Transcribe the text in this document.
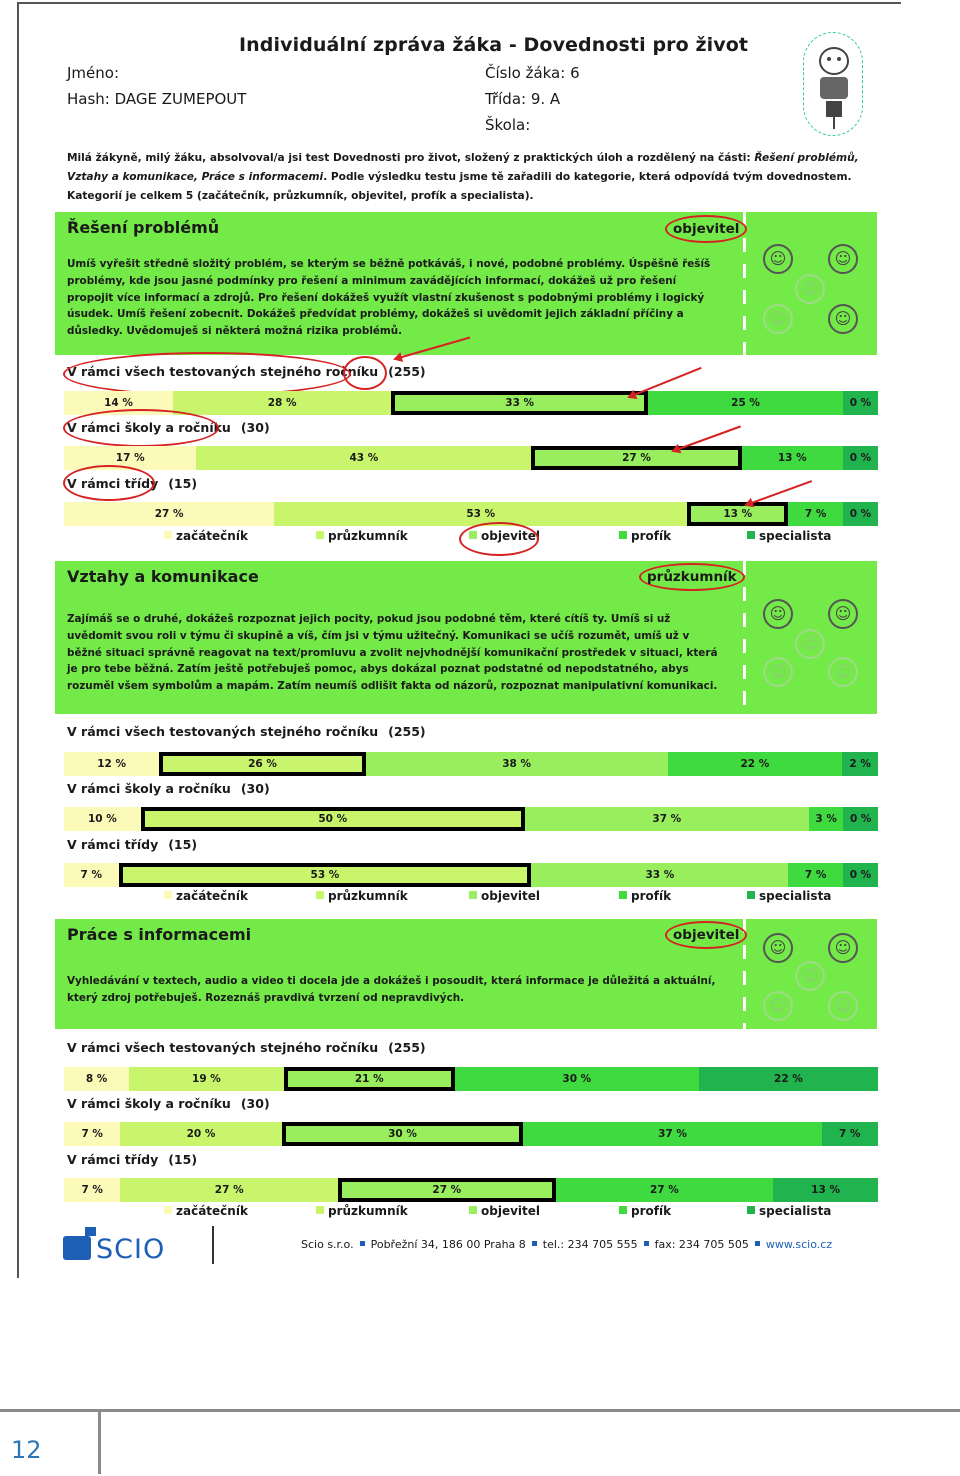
Individuální zpráva žáka - Dovednosti pro život
Jméno:
Hash: DAGE ZUMEPOUT
Číslo žáka: 6
Třída: 9. A
Škola:
Milá žákyně, milý žáku, absolvoval/a jsi test Dovednosti pro život, složený z praktických úloh a rozdělený na části: Řešení problémů, Vztahy a komunikace, Práce s informacemi. Podle výsledku testu jsme tě zařadili do kategorie, která odpovídá tvým dovednostem.
Kategorií je celkem 5 (začátečník, průzkumník, objevitel, profík a specialista).
Řešení problémů	objevitel
Umíš vyřešit středně složitý problém, se kterým se běžně potkáváš, i nové, podobné problémy. Úspěšně řešíš problémy, kde jsou jasné podmínky pro řešení a minimum zavádějících informací, dokážeš už pro řešení propojit více informací a zdrojů. Pro řešení dokážeš využít vlastní zkušenost s podobnými problémy i logický úsudek. Umíš řešení zobecnit. Dokážeš předvídat problémy, dokážeš si uvědomit jejich základní příčiny a důsledky. Uvědomuješ si některá možná rizika problémů.
☺	☺
☺
☺	☺
V rámci všech testovaných stejného ročníku (255)
14 %	28 %	33 %	25 %	0 %
V rámci školy a ročníku (30)
17 %	43 %	27 %	13 %	0 %
V rámci třídy (15)
27 %	53 %	13 %	7 %	0 %
začátečník	průzkumník	objevitel	profík	specialista
Vztahy a komunikace	průzkumník
Zajímáš se o druhé, dokážeš rozpoznat jejich pocity, pokud jsou podobné těm, které cítíš ty. Umíš si už uvědomit svou roli v týmu či skupině a víš, čím jsi v týmu užitečný. Komunikaci se učíš rozumět, umíš už v běžné situaci správně reagovat na text/promluvu a zvolit nejvhodnější komunikační prostředek v situaci, která je pro tebe běžná. Zatím ještě potřebuješ pomoc, abys dokázal poznat podstatné od nepodstatného, abys rozuměl všem symbolům a mapám. Zatím neumíš odlišit fakta od názorů, rozpoznat manipulativní komunikaci.
☺	☺
☺
☺	☺
V rámci všech testovaných stejného ročníku (255)
12 %	26 %	38 %	22 %	2 %
V rámci školy a ročníku (30)
10 %	50 %	37 %	3 %	0 %
V rámci třídy (15)
7 %	53 %	33 %	7 %	0 %
začátečník	průzkumník	objevitel	profík	specialista
Práce s informacemi	objevitel
Vyhledávání v textech, audio a video ti docela jde a dokážeš i posoudit, která informace je důležitá a aktuální, který zdroj potřebuješ. Rozeznáš pravdivá tvrzení od nepravdivých.
☺	☺
☺
☺	☺
V rámci všech testovaných stejného ročníku (255)
8 %	19 %	21 %	30 %	22 %
V rámci školy a ročníku (30)
7 %	20 %	30 %	37 %	7 %
V rámci třídy (15)
7 %	27 %	27 %	27 %	13 %
začátečník	průzkumník	objevitel	profík	specialista
SCIO	Scio s.r.o. Pobřežní 34, 186 00 Praha 8 tel.: 234 705 555 fax: 234 705 505 www.scio.cz
12
